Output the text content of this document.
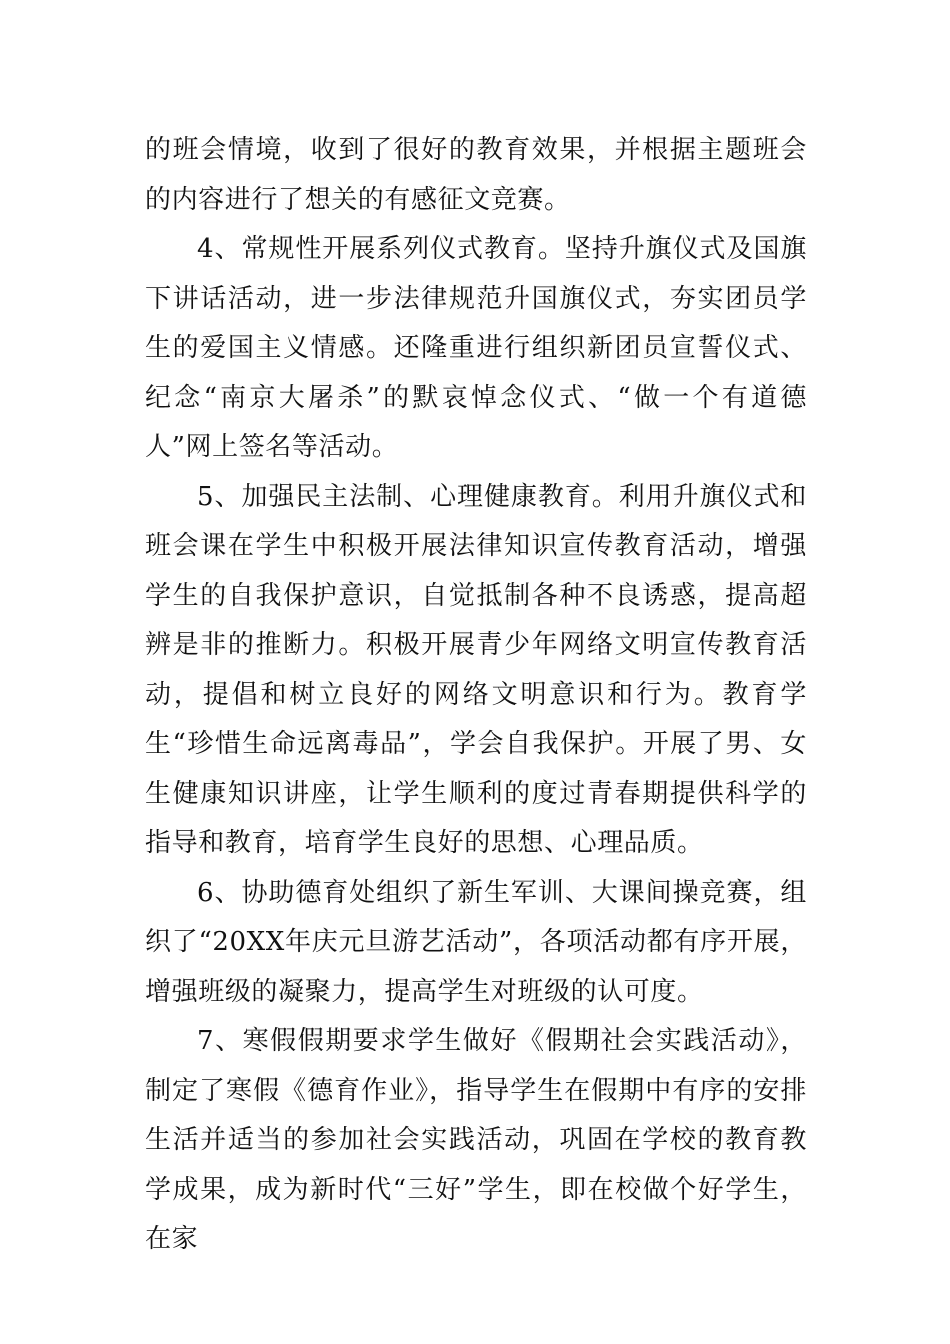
的班会情境，收到了很好的教育效果，并根据主题班会的内容进行了想关的有感征文竞赛。

4、常规性开展系列仪式教育。坚持升旗仪式及国旗下讲话活动，进一步法律规范升国旗仪式，夯实团员学生的爱国主义情感。还隆重进行组织新团员宣誓仪式、纪念“南京大屠杀”的默哀悼念仪式、“做一个有道德人”网上签名等活动。

5、加强民主法制、心理健康教育。利用升旗仪式和班会课在学生中积极开展法律知识宣传教育活动，增强学生的自我保护意识，自觉抵制各种不良诱惑，提高超辨是非的推断力。积极开展青少年网络文明宣传教育活动，提倡和树立良好的网络文明意识和行为。教育学生“珍惜生命远离毒品”，学会自我保护。开展了男、女生健康知识讲座，让学生顺利的度过青春期提供科学的指导和教育，培育学生良好的思想、心理品质。

6、协助德育处组织了新生军训、大课间操竞赛，组织了“20XX年庆元旦游艺活动”，各项活动都有序开展，增强班级的凝聚力，提高学生对班级的认可度。

7、寒假假期要求学生做好《假期社会实践活动》，制定了寒假《德育作业》，指导学生在假期中有序的安排生活并适当的参加社会实践活动，巩固在学校的教育教学成果，成为新时代“三好”学生，即在校做个好学生，在家
